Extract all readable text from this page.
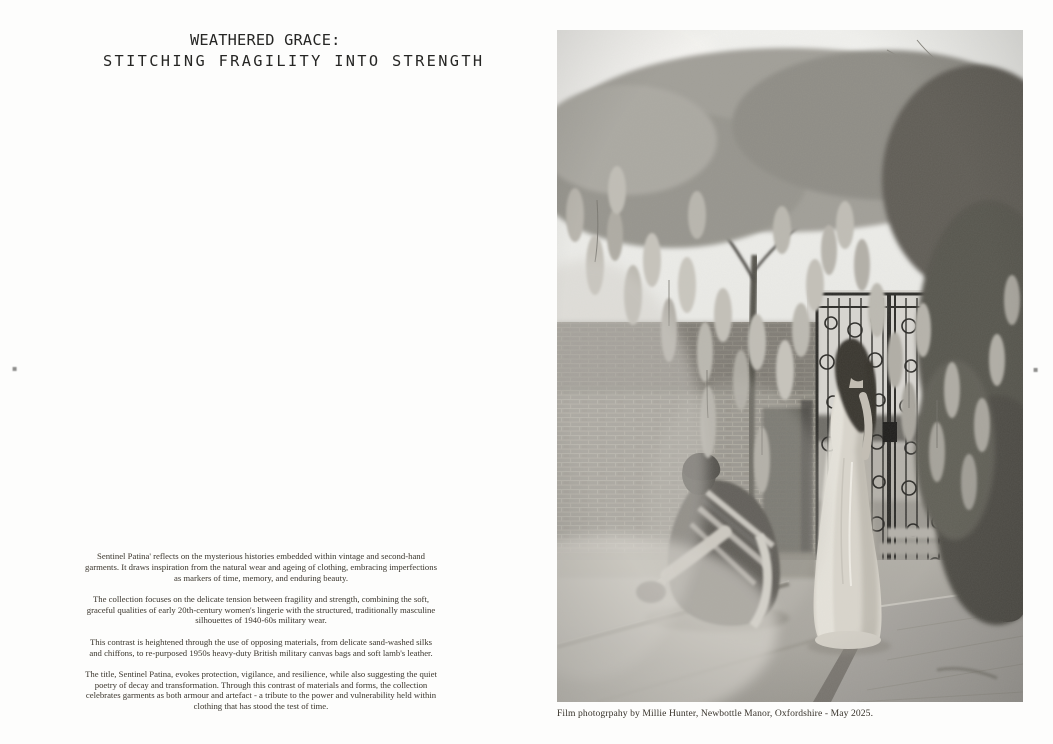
WEATHERED GRACE:
STITCHING FRAGILITY INTO STRENGTH

Sentinel Patina' reflects on the mysterious histories embedded within vintage and second-hand garments. It draws inspiration from the natural wear and ageing of clothing, embracing imperfections as markers of time, memory, and enduring beauty.

The collection focuses on the delicate tension between fragility and strength, combining the soft, graceful qualities of early 20th-century women's lingerie with the structured, traditionally masculine silhouettes of 1940-60s military wear.

This contrast is heightened through the use of opposing materials, from delicate sand-washed silks and chiffons, to re-purposed 1950s heavy-duty British military canvas bags and soft lamb's leather.

The title, Sentinel Patina, evokes protection, vigilance, and resilience, while also suggesting the quiet poetry of decay and transformation. Through this contrast of materials and forms, the collection celebrates garments as both armour and artefact - a tribute to the power and vulnerability held within clothing that has stood the test of time.

▪	▪
Film photogrpahy by Millie Hunter, Newbottle Manor, Oxfordshire - May 2025.
